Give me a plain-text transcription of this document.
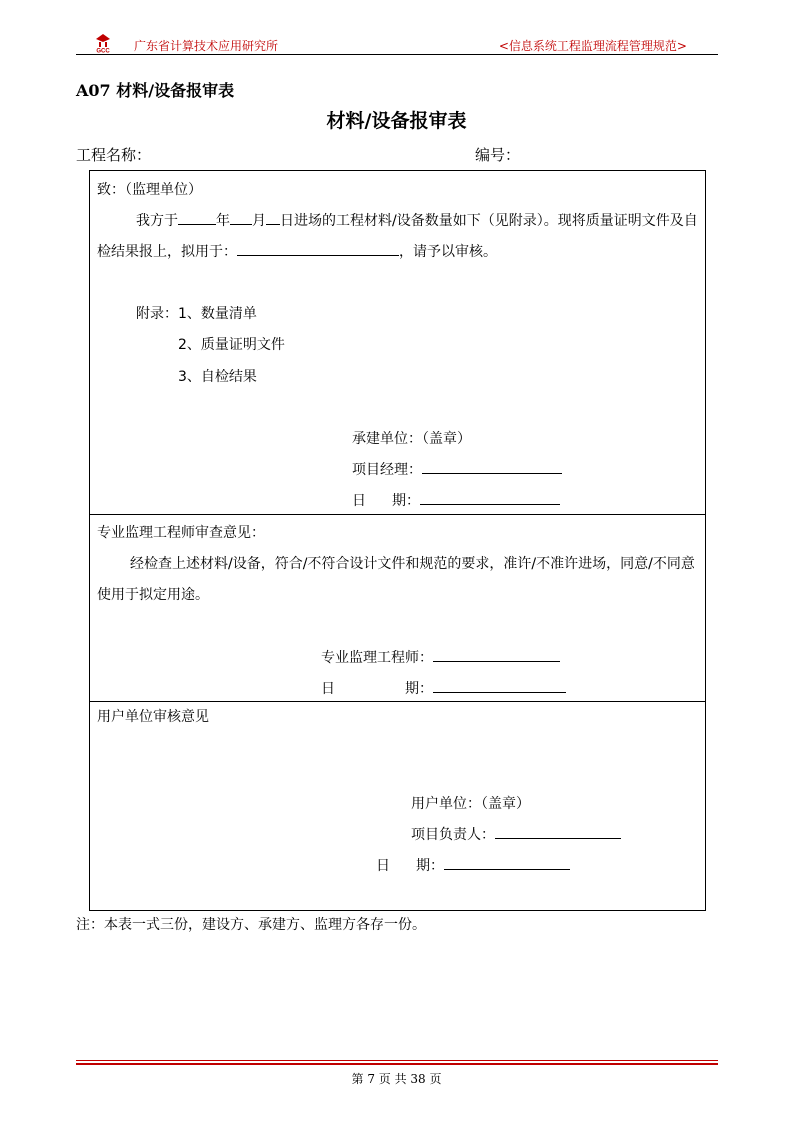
GCC 广东省计算技术应用研究所	<信息系统工程监理流程管理规范>
A07 材料/设备报审表
材料/设备报审表
工程名称：	编号：
致：（监理单位）
我方于	年 月 日进场的工程材料/设备数量如下（见附录）。现将质量证明文件及自
检结果报上，拟用于：	，请予以审核。
附录： 1、数量清单
2、质量证明文件
3、自检结果
承建单位：（盖章）
项目经理：
日 期：
专业监理工程师审查意见：
经检查上述材料/设备，符合/不符合设计文件和规范的要求，准许/不准许进场，同意/不同意
使用于拟定用途。
专业监理工程师：
日	期：
用户单位审核意见
用户单位：（盖章）
项目负责人：
日 期：
注：本表一式三份，建设方、承建方、监理方各存一份。
第 7 页 共 38 页
